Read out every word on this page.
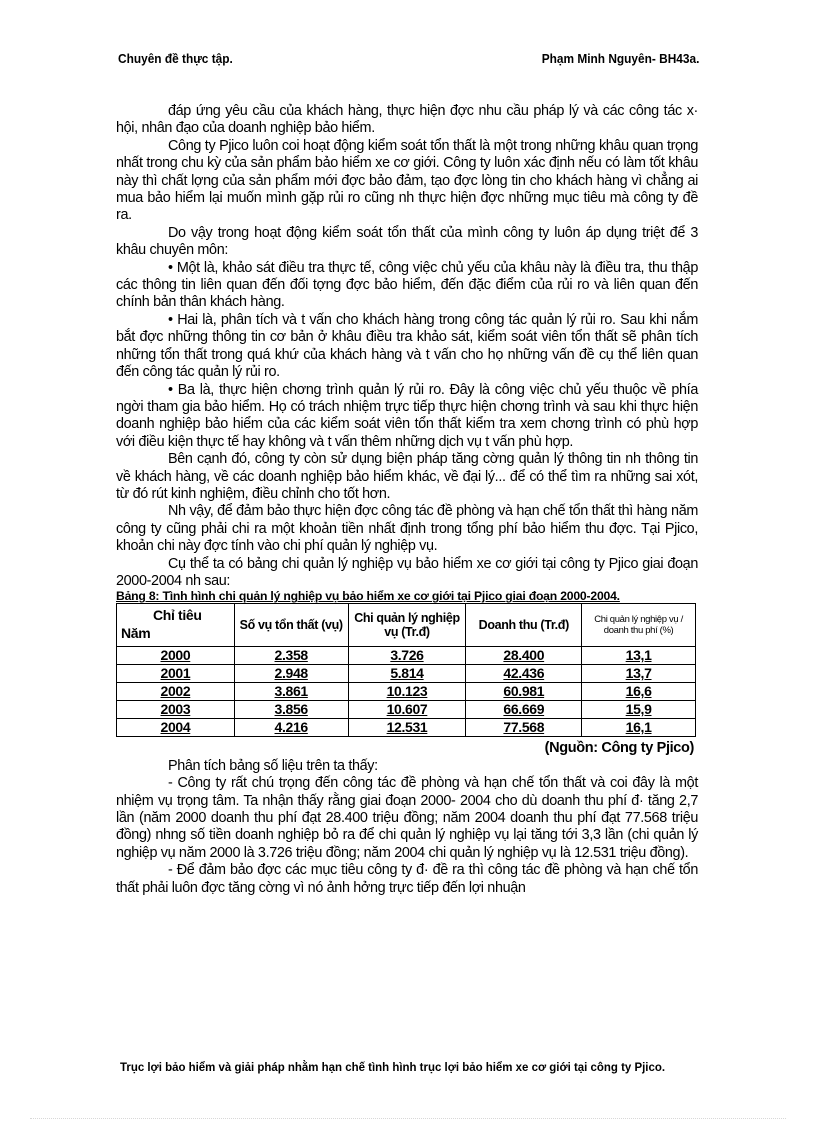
Chuyên đề thực tập.	Phạm Minh Nguyên- BH43a.

đáp ứng yêu cầu của khách hàng, thực hiện đợc nhu cầu pháp lý và các công tác x· hội, nhân đạo của doanh nghiệp bảo hiểm.

Công ty Pjico luôn coi hoạt động kiểm soát tổn thất là một trong những khâu quan trọng nhất trong chu kỳ của sản phẩm bảo hiểm xe cơ giới. Công ty luôn xác định nếu có làm tốt khâu này thì chất lợng của sản phẩm mới đợc bảo đảm, tạo đợc lòng tin cho khách hàng vì chẳng ai mua bảo hiểm lại muốn mình gặp rủi ro cũng nh thực hiện đợc những mục tiêu mà công ty đề ra.

Do vậy trong hoạt động kiểm soát tổn thất của mình công ty luôn áp dụng triệt để 3 khâu chuyên môn:

• Một là, khảo sát điều tra thực tế, công việc chủ yếu của khâu này là điều tra, thu thập các thông tin liên quan đến đối tợng đợc bảo hiểm, đến đặc điểm của rủi ro và liên quan đến chính bản thân khách hàng.

• Hai là, phân tích và t vấn cho khách hàng trong công tác quản lý rủi ro. Sau khi nắm bắt đợc những thông tin cơ bản ở khâu điều tra khảo sát, kiểm soát viên tổn thất sẽ phân tích những tổn thất trong quá khứ của khách hàng và t vấn cho họ những vấn đề cụ thể liên quan đến công tác quản lý rủi ro.

• Ba là, thực hiện chơng trình quản lý rủi ro. Đây là công việc chủ yếu thuộc về phía ngời tham gia bảo hiểm. Họ có trách nhiệm trực tiếp thực hiện chơng trình và sau khi thực hiện doanh nghiệp bảo hiểm của các kiểm soát viên tổn thất kiểm tra xem chơng trình có phù hợp với điều kiện thực tế hay không và t vấn thêm những dịch vụ t vấn phù hợp.

Bên cạnh đó, công ty còn sử dụng biện pháp tăng cờng quản lý thông tin nh thông tin về khách hàng, về các doanh nghiệp bảo hiểm khác, về đại lý... để có thể tìm ra những sai xót, từ đó rút kinh nghiệm, điều chỉnh cho tốt hơn.

Nh vậy, để đảm bảo thực hiện đợc công tác đề phòng và hạn chế tổn thất thì hàng năm công ty cũng phải chi ra một khoản tiền nhất định trong tổng phí bảo hiểm thu đợc. Tại Pjico, khoản chi này đợc tính vào chi phí quản lý nghiệp vụ.

Cụ thể ta có bảng chi quản lý nghiệp vụ bảo hiểm xe cơ giới tại công ty Pjico giai đoạn 2000-2004 nh sau:

Bảng 8: Tình hình chi quản lý nghiệp vụ bảo hiểm xe cơ giới tại Pjico giai đoạn 2000-2004.
Chỉ tiêu
Năm	Số vụ tổn thất (vụ)	Chi quản lý nghiệp vụ (Tr.đ)	Doanh thu (Tr.đ)	Chi quản lý nghiệp vụ / doanh thu phí (%)
2000	2.358	3.726	28.400	13,1
2001	2.948	5.814	42.436	13,7
2002	3.861	10.123	60.981	16,6
2003	3.856	10.607	66.669	15,9
2004	4.216	12.531	77.568	16,1
(Nguồn: Công ty Pjico)

Phân tích bảng số liệu trên ta thấy:

- Công ty rất chú trọng đến công tác đề phòng và hạn chế tổn thất và coi đây là một nhiệm vụ trọng tâm. Ta nhận thấy rằng giai đoạn 2000- 2004 cho dù doanh thu phí đ· tăng 2,7 lần (năm 2000 doanh thu phí đạt 28.400 triệu đồng; năm 2004 doanh thu phí đạt 77.568 triệu đồng) nhng số tiền doanh nghiệp bỏ ra để chi quản lý nghiệp vụ lại tăng tới 3,3 lần (chi quản lý nghiệp vụ năm 2000 là 3.726 triệu đồng; năm 2004 chi quản lý nghiệp vụ là 12.531 triệu đồng).

- Để đảm bảo đợc các mục tiêu công ty đ· đề ra thì công tác đề phòng và hạn chế tổn thất phải luôn đợc tăng cờng vì nó ảnh hởng trực tiếp đến lợi nhuận

Trục lợi bảo hiểm và giải pháp nhằm hạn chế tình hình trục lợi bảo hiểm xe cơ giới tại công ty Pjico.
